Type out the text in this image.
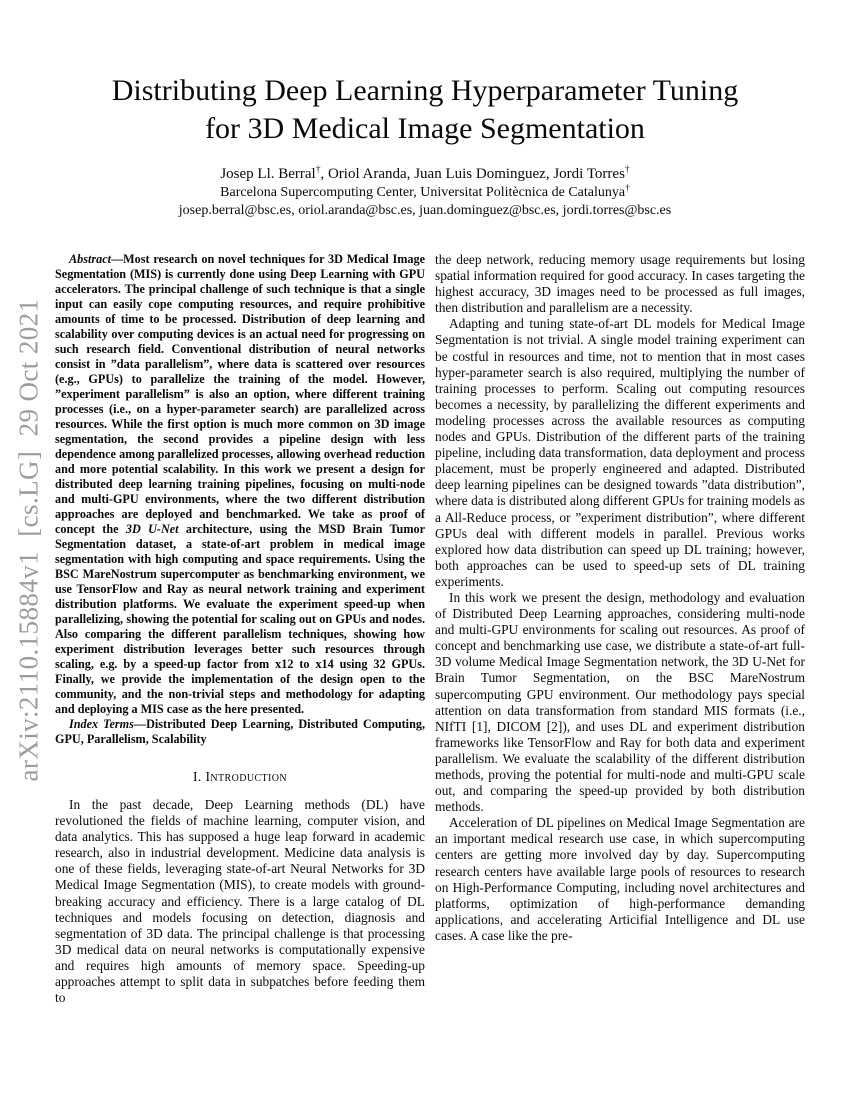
arXiv:2110.15884v1  [cs.LG]  29 Oct 2021
Distributing Deep Learning Hyperparameter Tuning
for 3D Medical Image Segmentation
Josep Ll. Berral†, Oriol Aranda, Juan Luis Dominguez, Jordi Torres†
Barcelona Supercomputing Center, Universitat Politècnica de Catalunya†
josep.berral@bsc.es, oriol.aranda@bsc.es, juan.dominguez@bsc.es, jordi.torres@bsc.es

Abstract—Most research on novel techniques for 3D Medical Image Segmentation (MIS) is currently done using Deep Learning with GPU accelerators. The principal challenge of such technique is that a single input can easily cope computing resources, and require prohibitive amounts of time to be processed. Distribution of deep learning and scalability over computing devices is an actual need for progressing on such research field. Conventional distribution of neural networks consist in ”data parallelism”, where data is scattered over resources (e.g., GPUs) to parallelize the training of the model. However, ”experiment parallelism” is also an option, where different training processes (i.e., on a hyper-parameter search) are parallelized across resources. While the first option is much more common on 3D image segmentation, the second provides a pipeline design with less dependence among parallelized processes, allowing overhead reduction and more potential scalability. In this work we present a design for distributed deep learning training pipelines, focusing on multi-node and multi-GPU environments, where the two different distribution approaches are deployed and benchmarked. We take as proof of concept the 3D U-Net architecture, using the MSD Brain Tumor Segmentation dataset, a state-of-art problem in medical image segmentation with high computing and space requirements. Using the BSC MareNostrum supercomputer as benchmarking environment, we use TensorFlow and Ray as neural network training and experiment distribution platforms. We evaluate the experiment speed-up when parallelizing, showing the potential for scaling out on GPUs and nodes. Also comparing the different parallelism techniques, showing how experiment distribution leverages better such resources through scaling, e.g. by a speed-up factor from x12 to x14 using 32 GPUs. Finally, we provide the implementation of the design open to the community, and the non-trivial steps and methodology for adapting and deploying a MIS case as the here presented.

Index Terms—Distributed Deep Learning, Distributed Computing, GPU, Parallelism, Scalability

I. Introduction

In the past decade, Deep Learning methods (DL) have revolutioned the fields of machine learning, computer vision, and data analytics. This has supposed a huge leap forward in academic research, also in industrial development. Medicine data analysis is one of these fields, leveraging state-of-art Neural Networks for 3D Medical Image Segmentation (MIS), to create models with ground-breaking accuracy and efficiency. There is a large catalog of DL techniques and models focusing on detection, diagnosis and segmentation of 3D data. The principal challenge is that processing 3D medical data on neural networks is computationally expensive and requires high amounts of memory space. Speeding-up approaches attempt to split data in subpatches before feeding them to

the deep network, reducing memory usage requirements but losing spatial information required for good accuracy. In cases targeting the highest accuracy, 3D images need to be processed as full images, then distribution and parallelism are a necessity.

Adapting and tuning state-of-art DL models for Medical Image Segmentation is not trivial. A single model training experiment can be costful in resources and time, not to mention that in most cases hyper-parameter search is also required, multiplying the number of training processes to perform. Scaling out computing resources becomes a necessity, by parallelizing the different experiments and modeling processes across the available resources as computing nodes and GPUs. Distribution of the different parts of the training pipeline, including data transformation, data deployment and process placement, must be properly engineered and adapted. Distributed deep learning pipelines can be designed towards ”data distribution”, where data is distributed along different GPUs for training models as a All-Reduce process, or ”experiment distribution”, where different GPUs deal with different models in parallel. Previous works explored how data distribution can speed up DL training; however, both approaches can be used to speed-up sets of DL training experiments.

In this work we present the design, methodology and evaluation of Distributed Deep Learning approaches, considering multi-node and multi-GPU environments for scaling out resources. As proof of concept and benchmarking use case, we distribute a state-of-art full-3D volume Medical Image Segmentation network, the 3D U-Net for Brain Tumor Segmentation, on the BSC MareNostrum supercomputing GPU environment. Our methodology pays special attention on data transformation from standard MIS formats (i.e., NIfTI [1], DICOM [2]), and uses DL and experiment distribution frameworks like TensorFlow and Ray for both data and experiment parallelism. We evaluate the scalability of the different distribution methods, proving the potential for multi-node and multi-GPU scale out, and comparing the speed-up provided by both distribution methods.

Acceleration of DL pipelines on Medical Image Segmentation are an important medical research use case, in which supercomputing centers are getting more involved day by day. Supercomputing research centers have available large pools of resources to research on High-Performance Computing, including novel architectures and platforms, optimization of high-performance demanding applications, and accelerating Articifial Intelligence and DL use cases. A case like the pre-
